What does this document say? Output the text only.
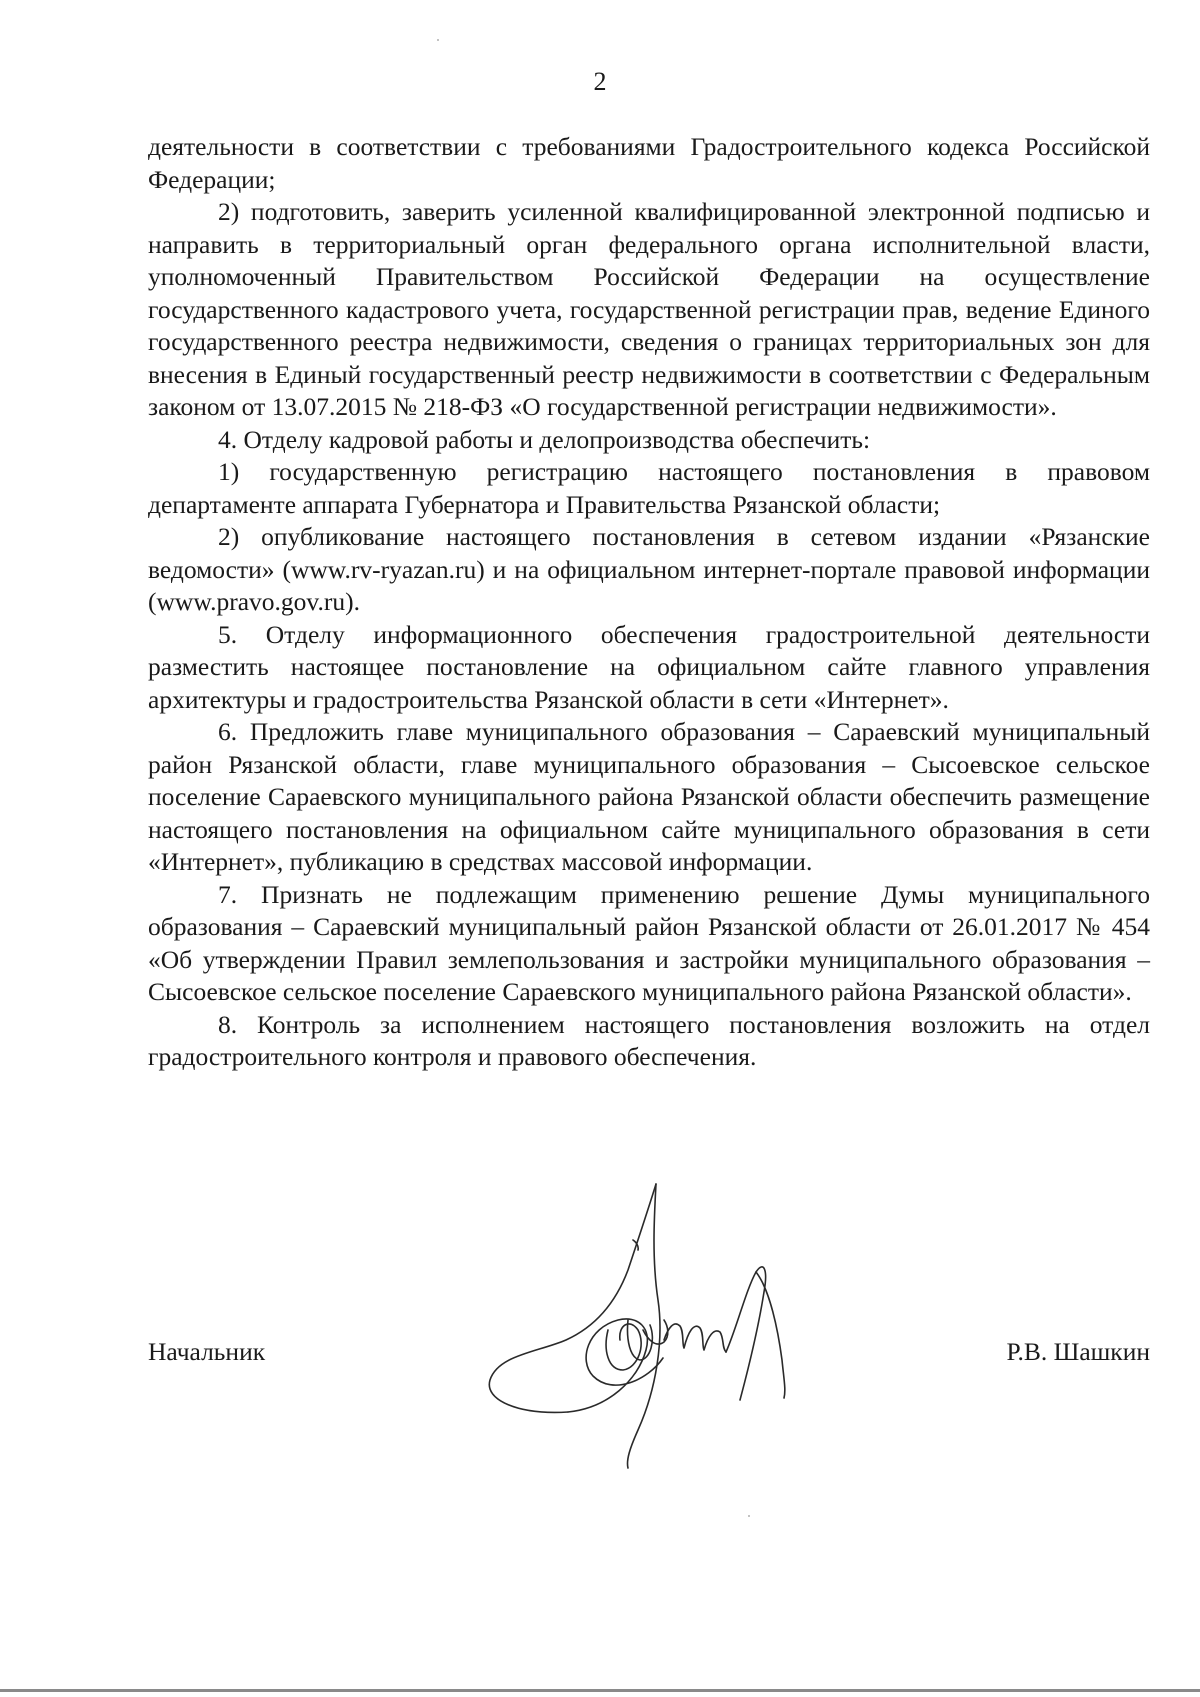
2

деятельности в соответствии с требованиями Градостроительного кодекса Российской Федерации;

2) подготовить, заверить усиленной квалифицированной электронной подписью и направить в территориальный орган федерального органа исполнительной власти, уполномоченный Правительством Российской Федерации на осуществление государственного кадастрового учета, государственной регистрации прав, ведение Единого государственного реестра недвижимости, сведения о границах территориальных зон для внесения в Единый государственный реестр недвижимости в соответствии с Федеральным законом от 13.07.2015 № 218-ФЗ «О государственной регистрации недвижимости».

4. Отделу кадровой работы и делопроизводства обеспечить:

1) государственную регистрацию настоящего постановления в правовом департаменте аппарата Губернатора и Правительства Рязанской области;

2) опубликование настоящего постановления в сетевом издании «Рязанские ведомости» (www.rv-ryazan.ru) и на официальном интернет-портале правовой информации (www.pravo.gov.ru).

5. Отделу информационного обеспечения градостроительной деятельности разместить настоящее постановление на официальном сайте главного управления архитектуры и градостроительства Рязанской области в сети «Интернет».

6. Предложить главе муниципального образования – Сараевский муниципальный район Рязанской области, главе муниципального образования – Сысоевское сельское поселение Сараевского муниципального района Рязанской области обеспечить размещение настоящего постановления на официальном сайте муниципального образования в сети «Интернет», публикацию в средствах массовой информации.

7. Признать не подлежащим применению решение Думы муниципального образования – Сараевский муниципальный район Рязанской области от 26.01.2017 № 454 «Об утверждении Правил землепользования и застройки муниципального образования – Сысоевское сельское поселение Сараевского муниципального района Рязанской области».

8. Контроль за исполнением настоящего постановления возложить на отдел градостроительного контроля и правового обеспечения.

Начальник	Р.В. Шашкин
